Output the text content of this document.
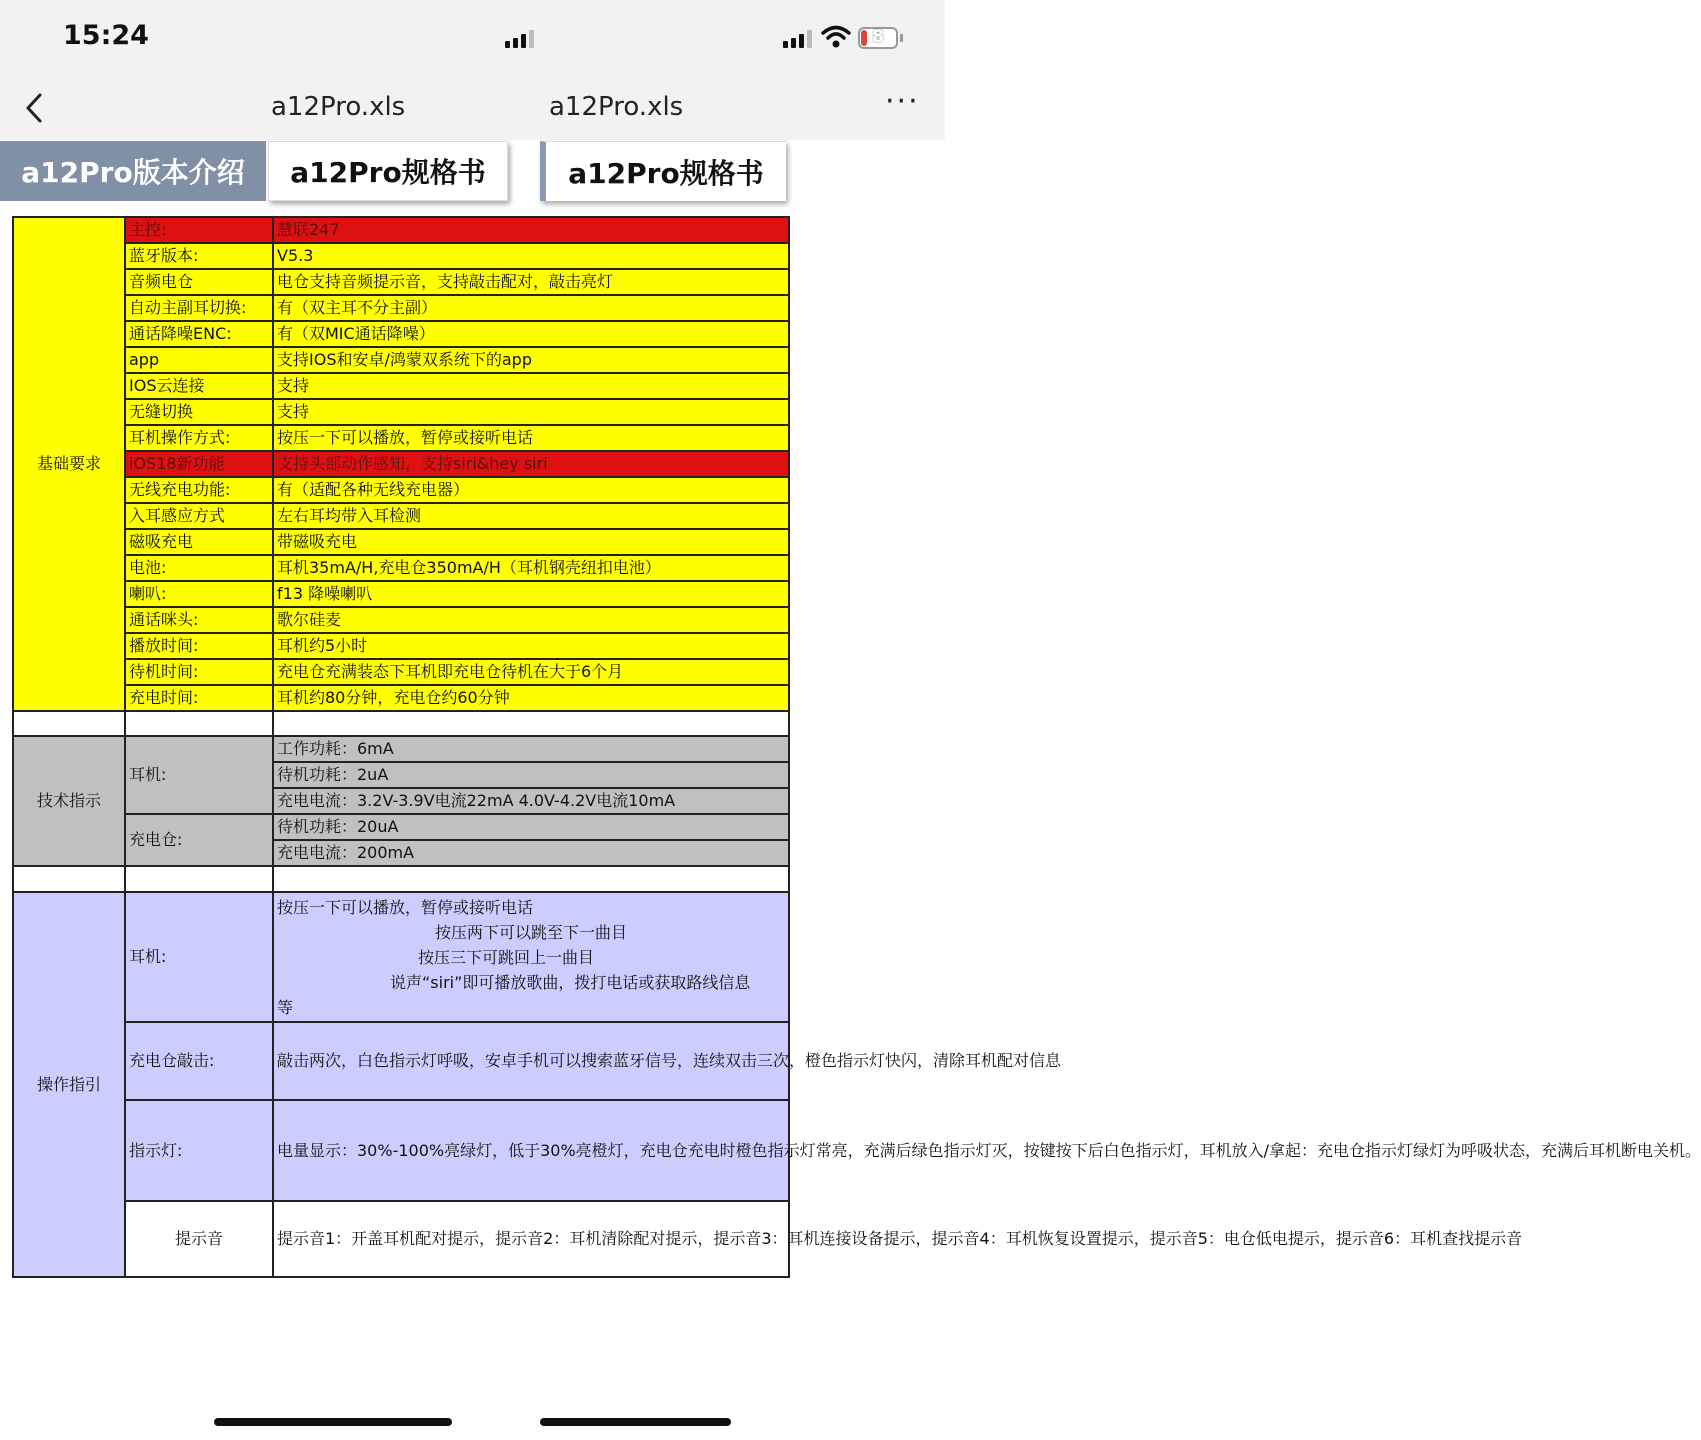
15:24	8
a12Pro.xls	a12Pro.xls	···
a12Pro版本介绍	a12Pro规格书	a12Pro规格书
基础要求	主控:	慧联247
	蓝牙版本:	V5.3
	音频电仓	电仓支持音频提示音，支持敲击配对，敲击亮灯
	自动主副耳切换:	有（双主耳不分主副）
	通话降噪ENC:	有（双MIC通话降噪）
	app	支持IOS和安卓/鸿蒙双系统下的app
	IOS云连接	支持
	无缝切换	支持
	耳机操作方式:	按压一下可以播放，暂停或接听电话
	iOS18新功能	支持头部动作感知，支持siri&hey siri
	无线充电功能:	有（适配各种无线充电器）
	入耳感应方式	左右耳均带入耳检测
	磁吸充电	带磁吸充电
	电池:	耳机35mA/H,充电仓350mA/H（耳机钢壳纽扣电池）
	喇叭:	f13 降噪喇叭
	通话咪头:	歌尔硅麦
	播放时间:	耳机约5小时
	待机时间:	充电仓充满装态下耳机即充电仓待机在大于6个月
	充电时间:	耳机约80分钟，充电仓约60分钟

技术指示	耳机:	工作功耗：6mA
		待机功耗：2uA
		充电电流：3.2V-3.9V电流22mA 4.0V-4.2V电流10mA
	充电仓:	待机功耗：20uA
		充电电流：200mA

操作指引	耳机:	按压一下可以播放，暂停或接听电话
按压两下可以跳至下一曲目
按压三下可跳回上一曲目
说声“siri”即可播放歌曲，拨打电话或获取路线信息
等

	充电仓敲击:	敲击两次，白色指示灯呼吸，安卓手机可以搜索蓝牙信号，连续双击三次，橙色指示灯快闪，清除耳机配对信息
	指示灯:	电量显示：30%-100%亮绿灯，低于30%亮橙灯，充电仓充电时橙色指示灯常亮，充满后绿色指示灯灭，按键按下后白色指示灯，耳机放入/拿起：充电仓指示灯绿灯为呼吸状态，充满后耳机断电关机。
	提示音	提示音1：开盖耳机配对提示，提示音2：耳机清除配对提示，提示音3：耳机连接设备提示，提示音4：耳机恢复设置提示，提示音5：电仓低电提示，提示音6：耳机查找提示音
